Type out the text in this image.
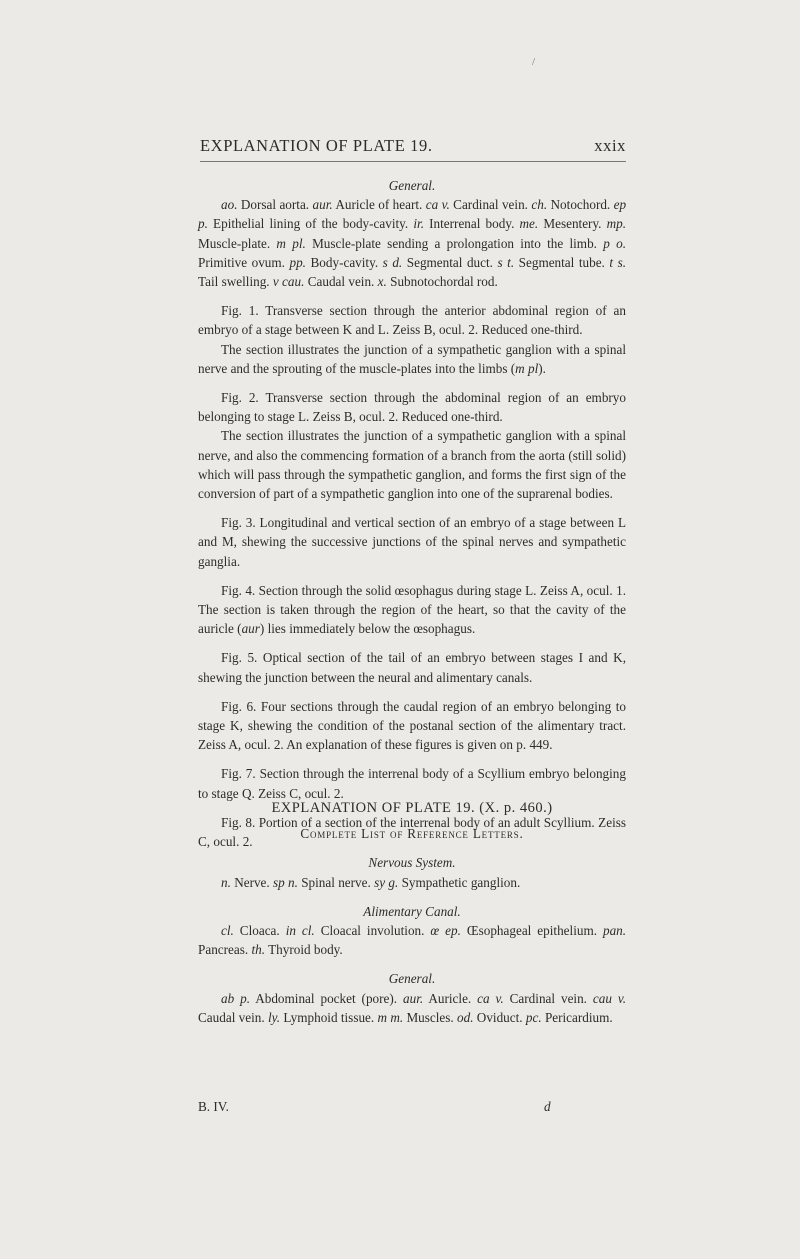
/
EXPLANATION OF PLATE 19.	xxix

General.

ao. Dorsal aorta. aur. Auricle of heart. ca v. Cardinal vein. ch. Notochord. ep p. Epithelial lining of the body-cavity. ir. Interrenal body. me. Mesentery. mp. Muscle-plate. m pl. Muscle-plate sending a prolongation into the limb. p o. Primitive ovum. pp. Body-cavity. s d. Segmental duct. s t. Segmental tube. t s. Tail swelling. v cau. Caudal vein. x. Subnotochordal rod.

Fig. 1. Transverse section through the anterior abdominal region of an embryo of a stage between K and L. Zeiss B, ocul. 2. Reduced one-third.

The section illustrates the junction of a sympathetic ganglion with a spinal nerve and the sprouting of the muscle-plates into the limbs (m pl).

Fig. 2. Transverse section through the abdominal region of an embryo belonging to stage L. Zeiss B, ocul. 2. Reduced one-third.

The section illustrates the junction of a sympathetic ganglion with a spinal nerve, and also the commencing formation of a branch from the aorta (still solid) which will pass through the sympathetic ganglion, and forms the first sign of the conversion of part of a sympathetic ganglion into one of the suprarenal bodies.

Fig. 3. Longitudinal and vertical section of an embryo of a stage between L and M, shewing the successive junctions of the spinal nerves and sympathetic ganglia.

Fig. 4. Section through the solid œsophagus during stage L. Zeiss A, ocul. 1. The section is taken through the region of the heart, so that the cavity of the auricle (aur) lies immediately below the œsophagus.

Fig. 5. Optical section of the tail of an embryo between stages I and K, shewing the junction between the neural and alimentary canals.

Fig. 6. Four sections through the caudal region of an embryo belonging to stage K, shewing the condition of the postanal section of the alimentary tract. Zeiss A, ocul. 2. An explanation of these figures is given on p. 449.

Fig. 7. Section through the interrenal body of a Scyllium embryo belonging to stage Q. Zeiss C, ocul. 2.

Fig. 8. Portion of a section of the interrenal body of an adult Scyllium. Zeiss C, ocul. 2.

EXPLANATION OF PLATE 19. (X. p. 460.)

Complete List of Reference Letters.

Nervous System.

n. Nerve. sp n. Spinal nerve. sy g. Sympathetic ganglion.

Alimentary Canal.

cl. Cloaca. in cl. Cloacal involution. œ ep. Œsophageal epithelium. pan. Pancreas. th. Thyroid body.

General.

ab p. Abdominal pocket (pore). aur. Auricle. ca v. Cardinal vein. cau v. Caudal vein. ly. Lymphoid tissue. m m. Muscles. od. Oviduct. pc. Pericardium.

B. IV.	d
